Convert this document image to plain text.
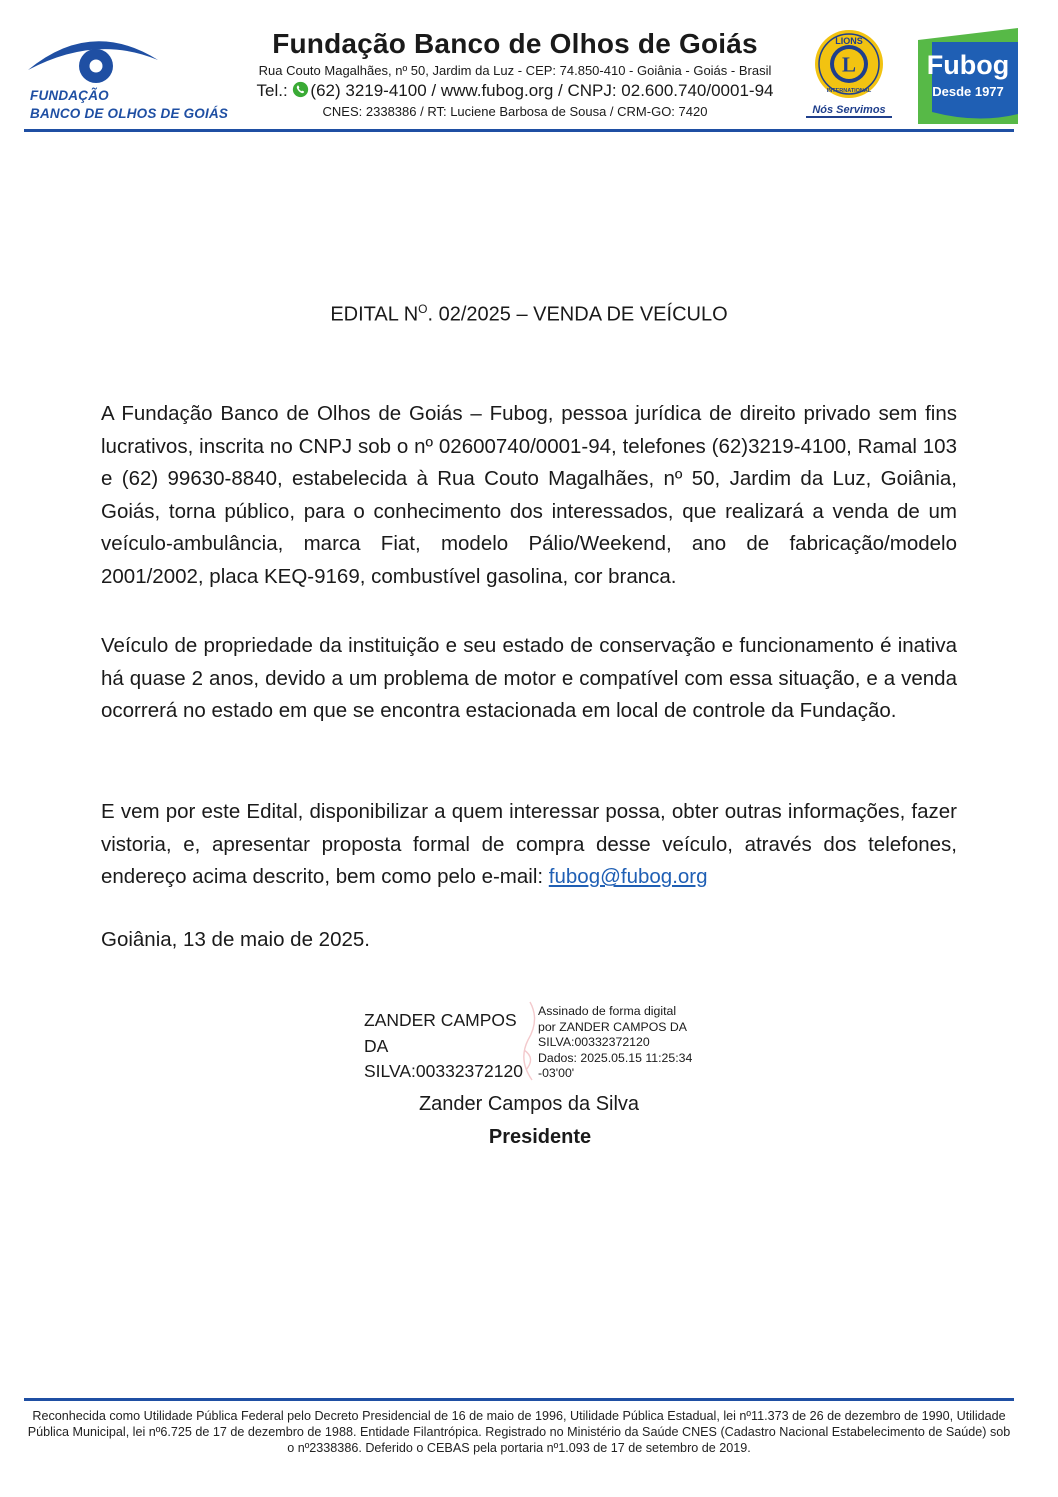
FUNDAÇÃO
BANCO DE OLHOS DE GOIÁS
Fundação Banco de Olhos de Goiás
Rua Couto Magalhães, nº 50, Jardim da Luz - CEP: 74.850-410 - Goiânia - Goiás - Brasil
Tel.: (62) 3219-4100 / www.fubog.org / CNPJ: 02.600.740/0001-94
CNES: 2338386 / RT: Luciene Barbosa de Sousa / CRM-GO: 7420
L
LIONS
INTERNATIONAL
Nós Servimos
Fubog
Desde 1977
EDITAL $N^O$. 02/2025 – VENDA DE VEÍCULO
A Fundação Banco de Olhos de Goiás – Fubog, pessoa jurídica de direito privado sem fins lucrativos, inscrita no CNPJ sob o nº 02600740/0001-94, telefones (62)3219-4100, Ramal 103 e (62) 99630-8840, estabelecida à Rua Couto Magalhães, nº 50, Jardim da Luz, Goiânia, Goiás, torna público, para o conhecimento dos interessados, que realizará a venda de um veículo-ambulância, marca Fiat, modelo Pálio/Weekend, ano de fabricação/modelo 2001/2002, placa KEQ-9169, combustível gasolina, cor branca.
Veículo de propriedade da instituição e seu estado de conservação e funcionamento é inativa há quase 2 anos, devido a um problema de motor e compatível com essa situação, e a venda ocorrerá no estado em que se encontra estacionada em local de controle da Fundação.
E vem por este Edital, disponibilizar a quem interessar possa, obter outras informações, fazer vistoria, e, apresentar proposta formal de compra desse veículo, através dos telefones, endereço acima descrito, bem como pelo e-mail: fubog@fubog.org
Goiânia, 13 de maio de 2025.
ZANDER CAMPOS
DA
SILVA:00332372120
Assinado de forma digital
por ZANDER CAMPOS DA
SILVA:00332372120
Dados: 2025.05.15 11:25:34
-03'00'
Zander Campos da Silva
Presidente
Reconhecida como Utilidade Pública Federal pelo Decreto Presidencial de 16 de maio de 1996, Utilidade Pública Estadual, lei nº11.373 de 26 de dezembro de 1990, Utilidade Pública Municipal, lei nº6.725 de 17 de dezembro de 1988. Entidade Filantrópica. Registrado no Ministério da Saúde CNES (Cadastro Nacional Estabelecimento de Saúde) sob o nº2338386. Deferido o CEBAS pela portaria nº1.093 de 17 de setembro de 2019.
